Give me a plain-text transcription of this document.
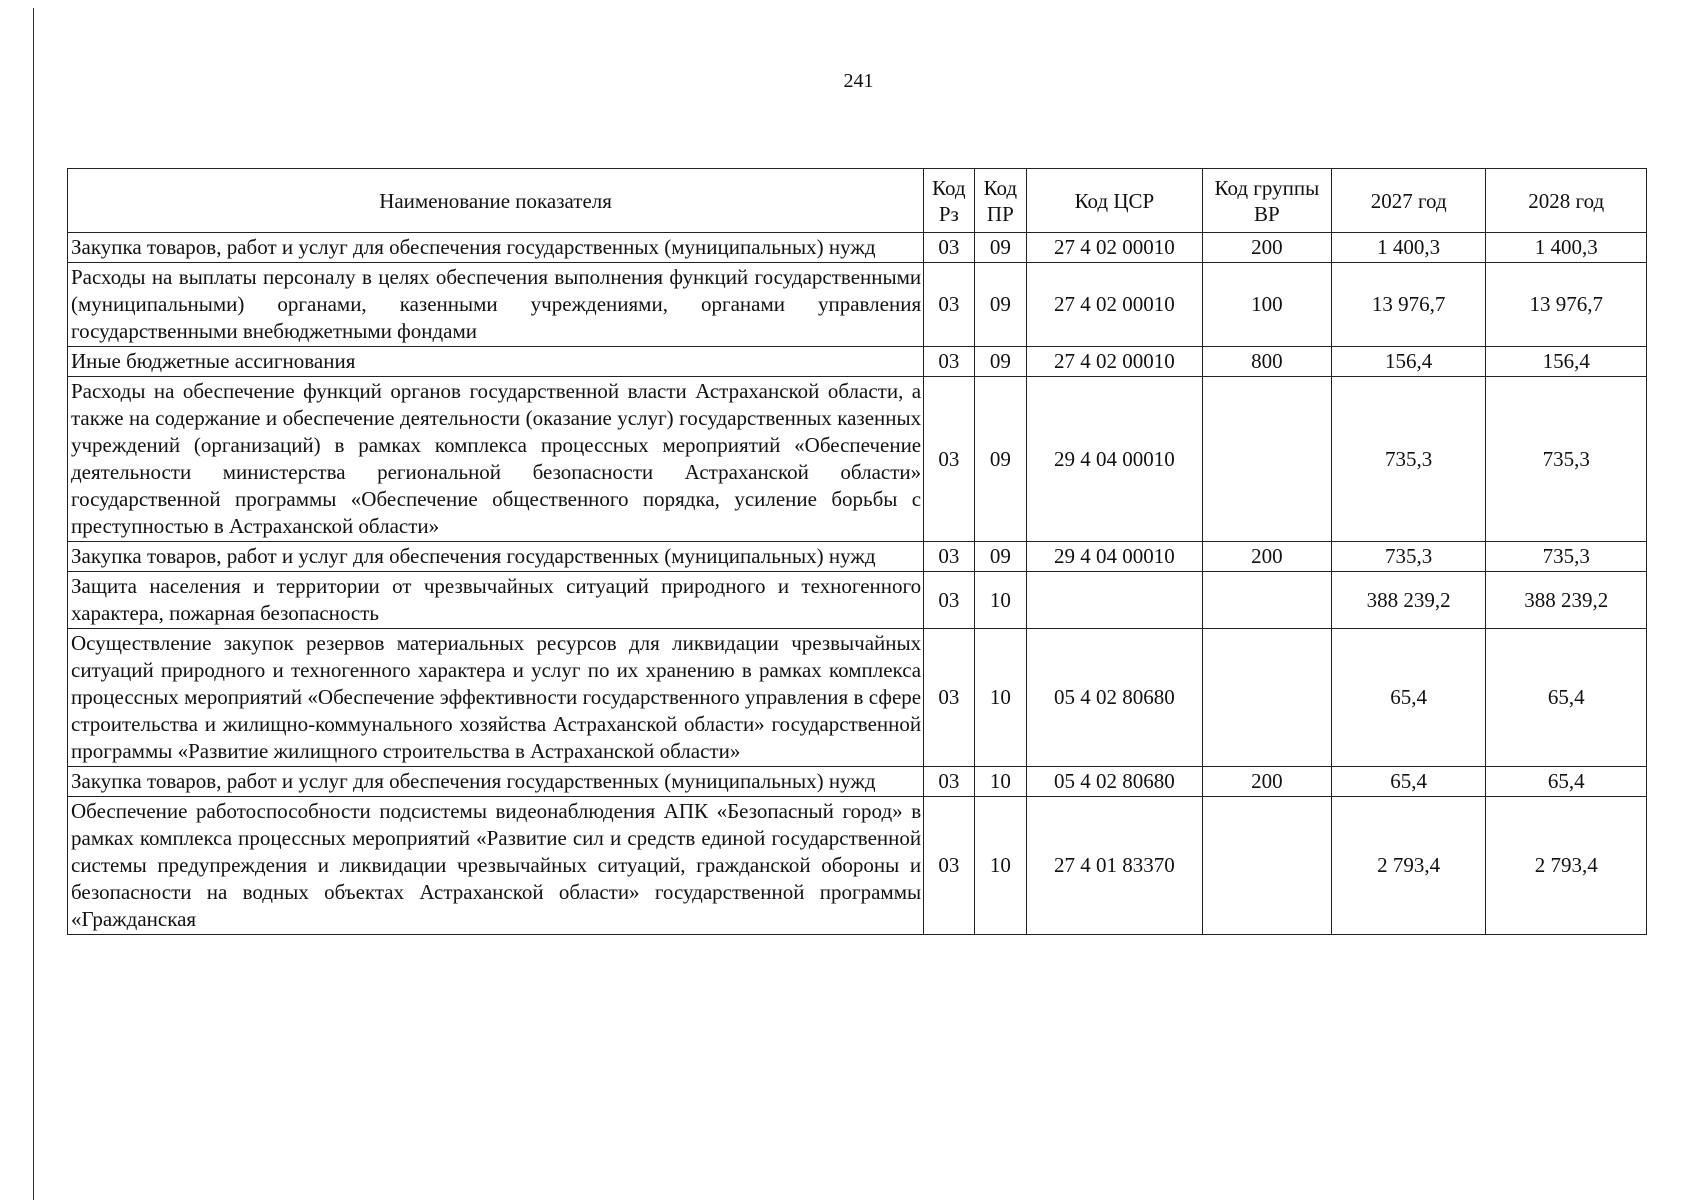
241
Наименование показателя	Код Рз	Код ПР	Код ЦСР	Код группы ВР	2027 год	2028 год
Закупка товаров, работ и услуг для обеспечения государственных (муниципальных) нужд	03	09	27 4 02 00010	200	1 400,3	1 400,3
Расходы на выплаты персоналу в целях обеспечения выполнения функций государственными (муниципальными) органами, казенными учреждениями, органами управления государственными внебюджетными фондами	03	09	27 4 02 00010	100	13 976,7	13 976,7
Иные бюджетные ассигнования	03	09	27 4 02 00010	800	156,4	156,4
Расходы на обеспечение функций органов государственной власти Астраханской области, а также на содержание и обеспечение деятельности (оказание услуг) государственных казенных учреждений (организаций) в рамках комплекса процессных мероприятий «Обеспечение деятельности министерства региональной безопасности Астраханской области» государственной программы «Обеспечение общественного порядка, усиление борьбы с преступностью в Астраханской области»	03	09	29 4 04 00010		735,3	735,3
Закупка товаров, работ и услуг для обеспечения государственных (муниципальных) нужд	03	09	29 4 04 00010	200	735,3	735,3
Защита населения и территории от чрезвычайных ситуаций природного и техногенного характера, пожарная безопасность	03	10			388 239,2	388 239,2
Осуществление закупок резервов материальных ресурсов для ликвидации чрезвычайных ситуаций природного и техногенного характера и услуг по их хранению в рамках комплекса процессных мероприятий «Обеспечение эффективности государственного управления в сфере строительства и жилищно-коммунального хозяйства Астраханской области» государственной программы «Развитие жилищного строительства в Астраханской области»	03	10	05 4 02 80680		65,4	65,4
Закупка товаров, работ и услуг для обеспечения государственных (муниципальных) нужд	03	10	05 4 02 80680	200	65,4	65,4
Обеспечение работоспособности подсистемы видеонаблюдения АПК «Безопасный город» в рамках комплекса процессных мероприятий «Развитие сил и средств единой государственной системы предупреждения и ликвидации чрезвычайных ситуаций, гражданской обороны и безопасности на водных объектах Астраханской области» государственной программы «Гражданская	03	10	27 4 01 83370		2 793,4	2 793,4
